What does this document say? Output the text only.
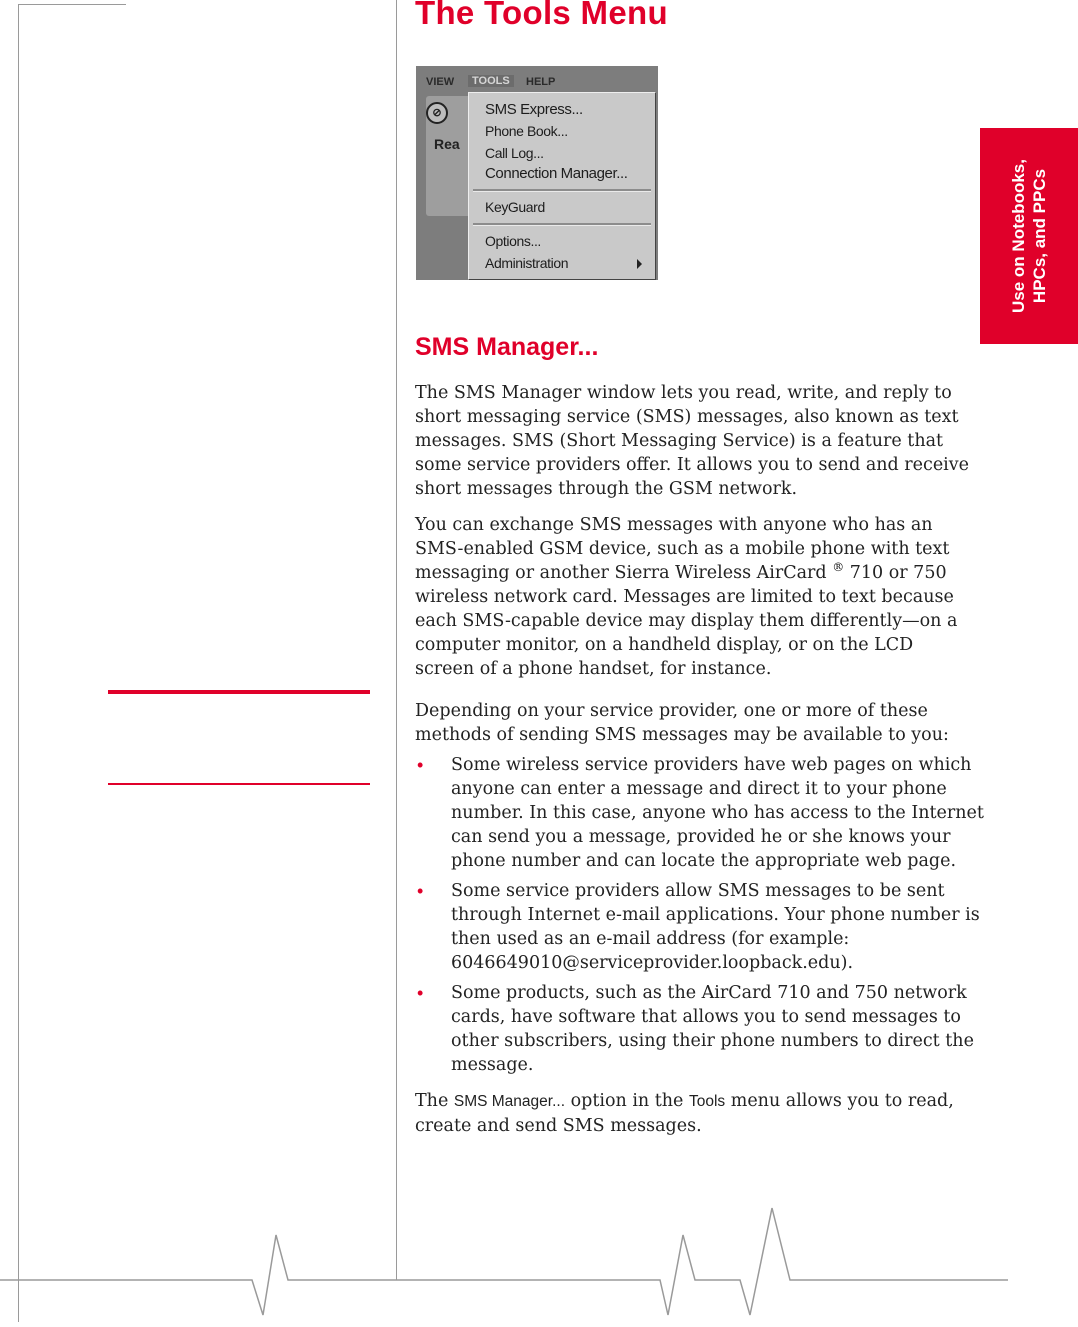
Use on Notebooks,
HPCs, and PPCs
The Tools Menu
VIEW	TOOLS	HELP
⊘
Rea
SMS Express...
Phone Book...
Call Log...
Connection Manager...
KeyGuard
Options...
Administration
SMS Manager...

The SMS Manager window lets you read, write, and reply to short messaging service (SMS) messages, also known as text messages. SMS (Short Messaging Service) is a feature that some service providers offer. It allows you to send and receive short messages through the GSM network.

You can exchange SMS messages with anyone who has an SMS-enabled GSM device, such as a mobile phone with text messaging or another Sierra Wireless AirCard ® 710 or 750 wireless network card. Messages are limited to text because each SMS-capable device may display them differently—on a computer monitor, on a handheld display, or on the LCD screen of a phone handset, for instance.

Depending on your service provider, one or more of these methods of sending SMS messages may be available to you:

• Some wireless service providers have web pages on which anyone can enter a message and direct it to your phone number. In this case, anyone who has access to the Internet can send you a message, provided he or she knows your phone number and can locate the appropriate web page.
• Some service providers allow SMS messages to be sent through Internet e-mail applications. Your phone number is then used as an e-mail address (for example: 6046649010@serviceprovider.loopback.edu).
• Some products, such as the AirCard 710 and 750 network cards, have software that allows you to send messages to other subscribers, using their phone numbers to direct the message.

The SMS Manager... option in the Tools menu allows you to read, create and send SMS messages.
